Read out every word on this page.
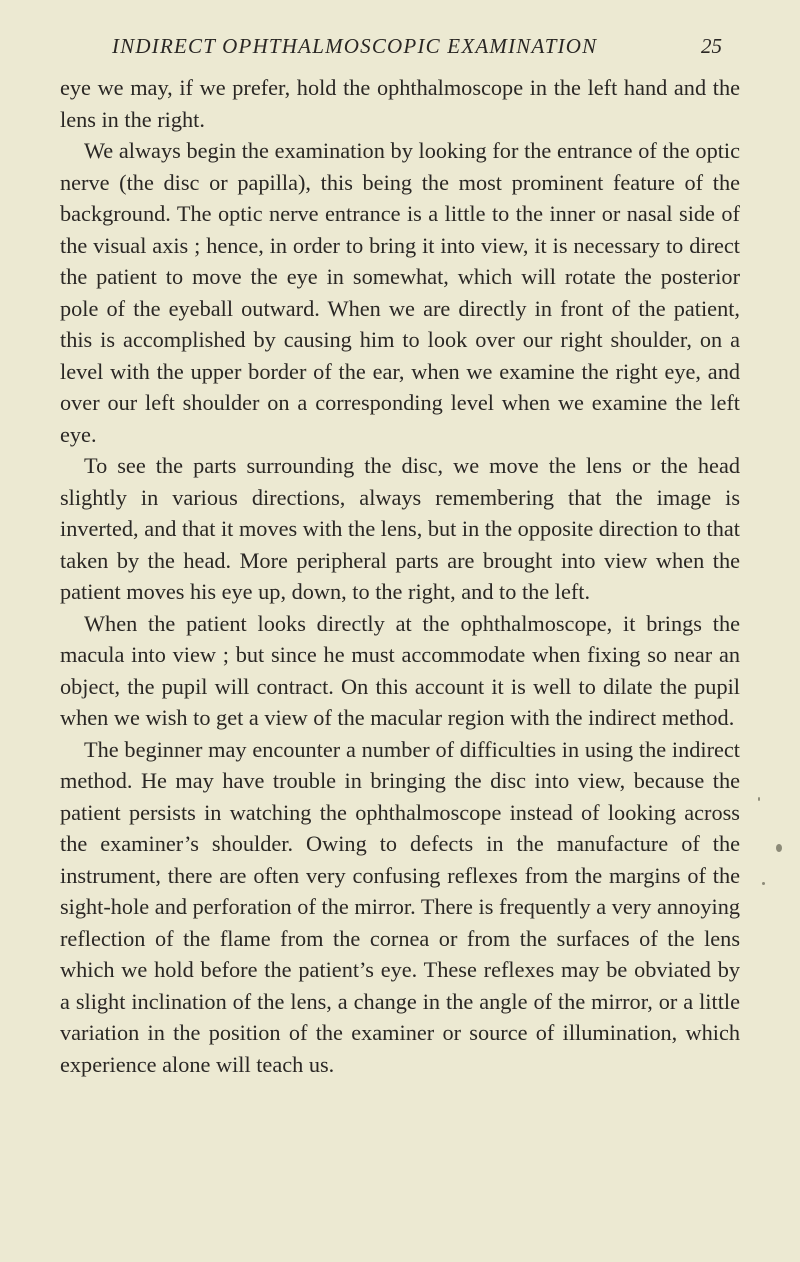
INDIRECT OPHTHALMOSCOPIC EXAMINATION	25

eye we may, if we prefer, hold the ophthalmoscope in the left hand and the lens in the right.

We always begin the examination by looking for the entrance of the optic nerve (the disc or papilla), this being the most prominent feature of the background. The optic nerve entrance is a little to the inner or nasal side of the visual axis ; hence, in order to bring it into view, it is necessary to direct the patient to move the eye in somewhat, which will rotate the posterior pole of the eyeball outward. When we are directly in front of the patient, this is accomplished by causing him to look over our right shoulder, on a level with the upper border of the ear, when we examine the right eye, and over our left shoulder on a corresponding level when we examine the left eye.

To see the parts surrounding the disc, we move the lens or the head slightly in various directions, always remembering that the image is inverted, and that it moves with the lens, but in the opposite direction to that taken by the head. More peripheral parts are brought into view when the patient moves his eye up, down, to the right, and to the left.

When the patient looks directly at the ophthalmoscope, it brings the macula into view ; but since he must accommodate when fixing so near an object, the pupil will contract. On this account it is well to dilate the pupil when we wish to get a view of the macular region with the indirect method.

The beginner may encounter a number of difficulties in using the indirect method. He may have trouble in bringing the disc into view, because the patient persists in watching the ophthalmoscope instead of looking across the examiner’s shoulder. Owing to defects in the manufacture of the instrument, there are often very confusing reflexes from the margins of the sight-hole and perforation of the mirror. There is frequently a very annoying reflection of the flame from the cornea or from the surfaces of the lens which we hold before the patient’s eye. These reflexes may be obviated by a slight inclination of the lens, a change in the angle of the mirror, or a little variation in the position of the examiner or source of illumination, which experience alone will teach us.
